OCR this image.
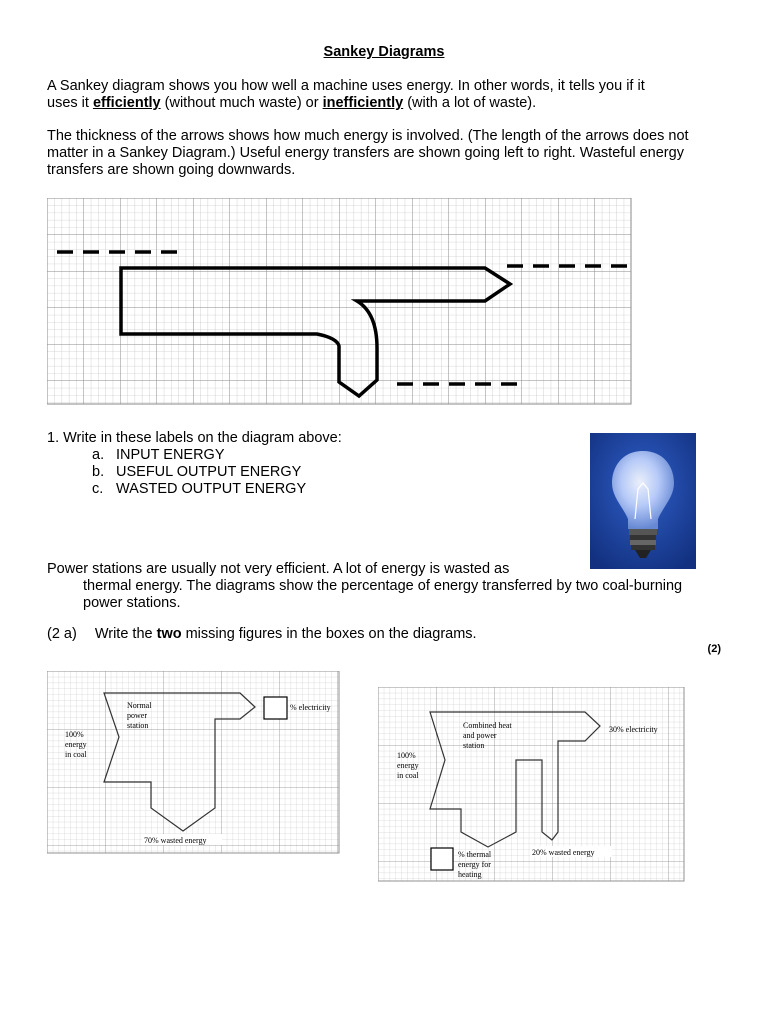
Sankey Diagrams
A Sankey diagram shows you how well a machine uses energy. In other words, it tells you if it
uses it efficiently (without much waste) or inefficiently (with a lot of waste).
The thickness of the arrows shows how much energy is involved. (The length of the arrows does not matter in a Sankey Diagram.) Useful energy transfers are shown going left to right. Wasteful energy transfers are shown going downwards.
1. Write in these labels on the diagram above:
a. INPUT ENERGY
b. USEFUL OUTPUT ENERGY
c. WASTED OUTPUT ENERGY
Power stations are usually not very efficient. A lot of energy is wasted as
thermal energy. The diagrams show the percentage of energy transferred by two coal-burning power stations.
(2 a) Write the two missing figures in the boxes on the diagrams.
(2)
% electricity
Normal
power
station
100%
energy
in coal
70% wasted energy
30% electricity
Combined heat
and power
station
100%
energy
in coal
% thermal
energy for
heating
20% wasted energy
